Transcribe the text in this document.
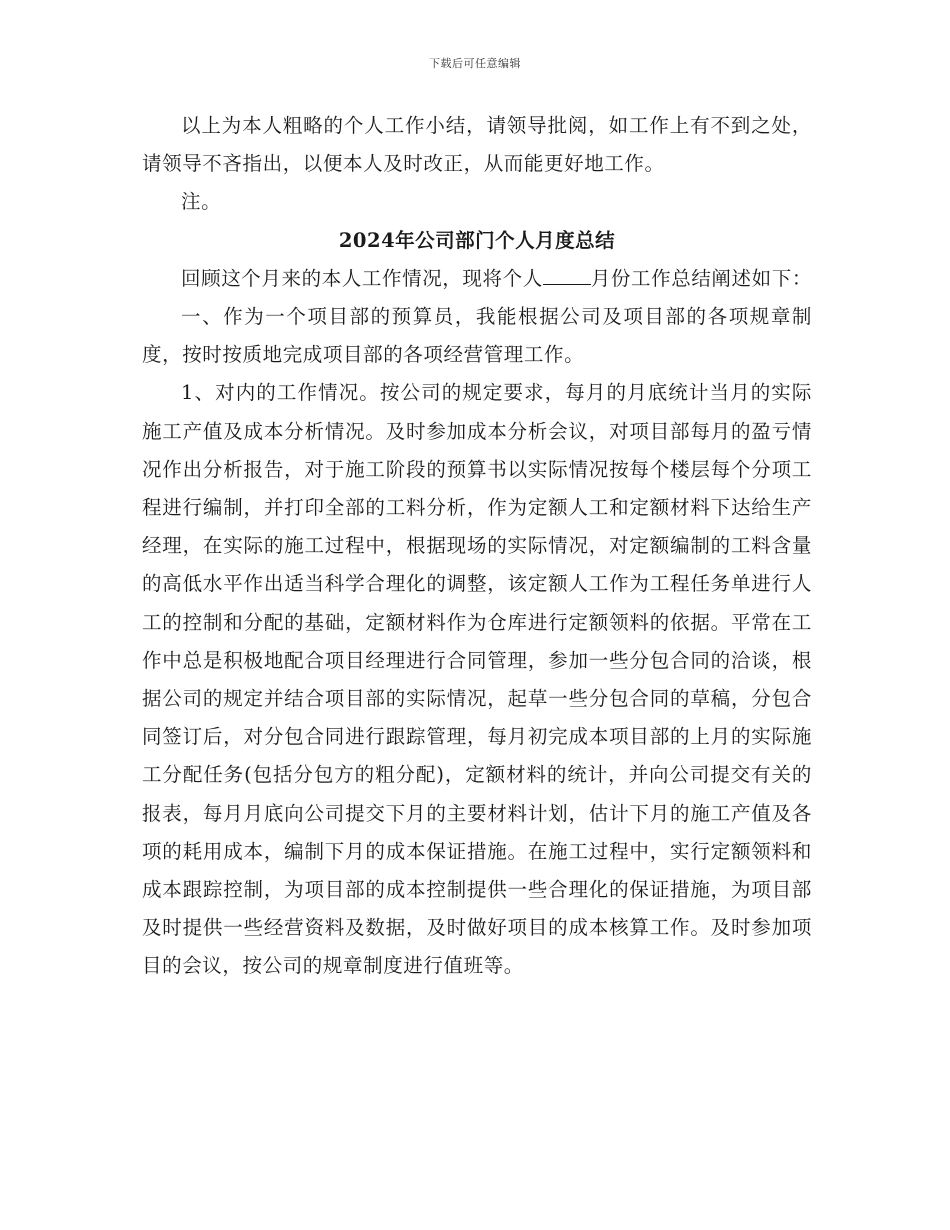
下载后可任意编辑

以上为本人粗略的个人工作小结，请领导批阅，如工作上有不到之处，请领导不吝指出，以便本人及时改正，从而能更好地工作。

注。

2024年公司部门个人月度总结

回顾这个月来的本人工作情况，现将个人 月份工作总结阐述如下：

一、作为一个项目部的预算员，我能根据公司及项目部的各项规章制度，按时按质地完成项目部的各项经营管理工作。

1、对内的工作情况。按公司的规定要求，每月的月底统计当月的实际施工产值及成本分析情况。及时参加成本分析会议，对项目部每月的盈亏情况作出分析报告，对于施工阶段的预算书以实际情况按每个楼层每个分项工程进行编制，并打印全部的工料分析，作为定额人工和定额材料下达给生产经理，在实际的施工过程中，根据现场的实际情况，对定额编制的工料含量的高低水平作出适当科学合理化的调整，该定额人工作为工程任务单进行人工的控制和分配的基础，定额材料作为仓库进行定额领料的依据。平常在工作中总是积极地配合项目经理进行合同管理，参加一些分包合同的洽谈，根据公司的规定并结合项目部的实际情况，起草一些分包合同的草稿，分包合同签订后，对分包合同进行跟踪管理，每月初完成本项目部的上月的实际施工分配任务(包括分包方的粗分配)，定额材料的统计，并向公司提交有关的报表，每月月底向公司提交下月的主要材料计划，估计下月的施工产值及各项的耗用成本，编制下月的成本保证措施。在施工过程中，实行定额领料和成本跟踪控制，为项目部的成本控制提供一些合理化的保证措施，为项目部及时提供一些经营资料及数据，及时做好项目的成本核算工作。及时参加项目的会议，按公司的规章制度进行值班等。
